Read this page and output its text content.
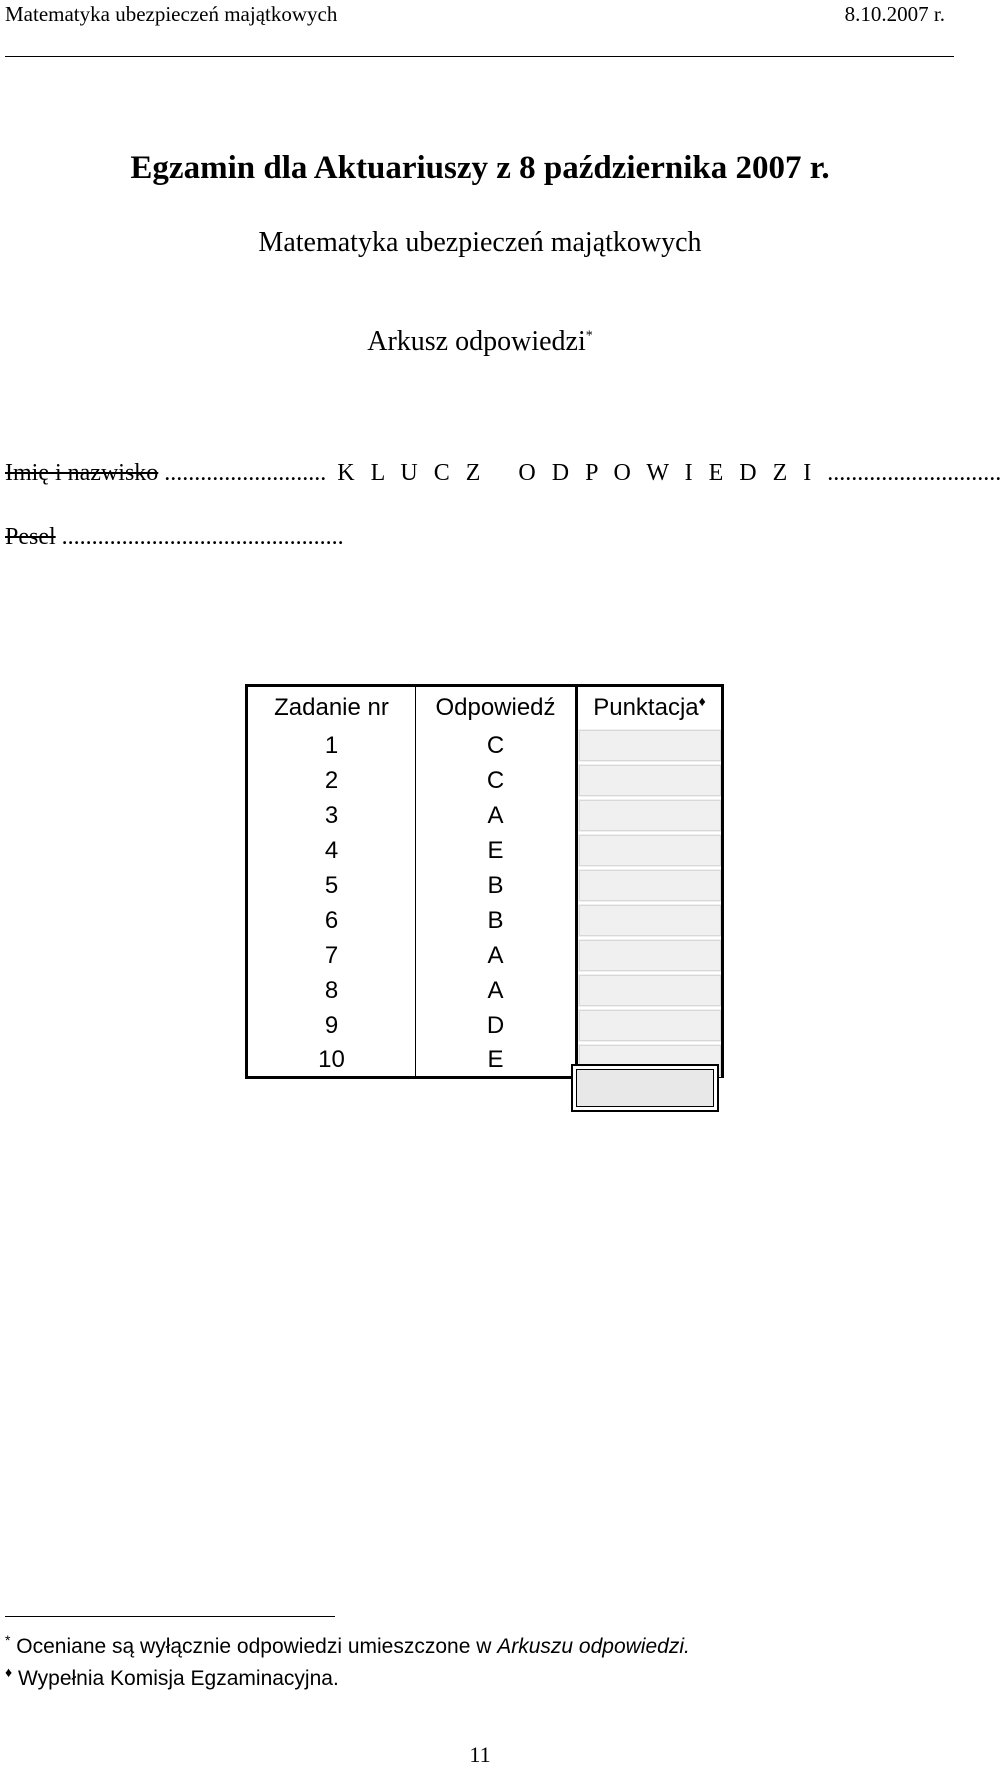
Matematyka ubezpieczeń majątkowych	8.10.2007 r.
Egzamin dla Aktuariuszy z 8 października 2007 r.
Matematyka ubezpieczeń majątkowych
Arkusz odpowiedzi*
Imię i nazwisko ........................... K L U C Z   O D P O W I E D Z I .............................
Pesel ...............................................
Zadanie nr	Odpowiedź	Punktacja♦
1	C	
2	C	
3	A	
4	E	
5	B	
6	B	
7	A	
8	A	
9	D	
10	E	
* Oceniane są wyłącznie odpowiedzi umieszczone w Arkuszu odpowiedzi.
♦ Wypełnia Komisja Egzaminacyjna.
11
